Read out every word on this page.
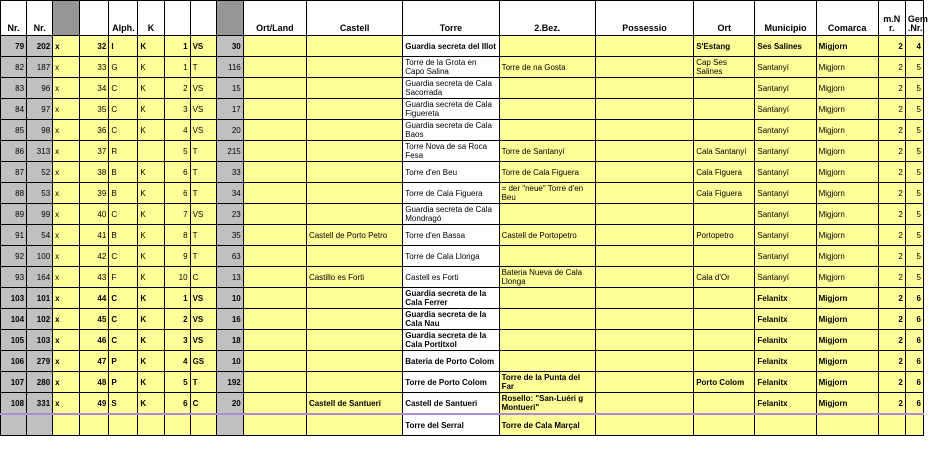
Nr.	Nr.			Alph.	K				Ort/Land	Castell	Torre	2.Bez.	Possessio	Ort	Municipio	Comarca	m.N r.	Gem .Nr.
79	202	x	32	I	K	1	VS	30			Guardia secreta del Illot			S'Estang	Ses Salines	Migjorn	2	4
82	187	x	33	G	K	1	T	116			Torre de la Grota en Capo Salina	Torre de na Gosta		Cap Ses Salines	Santanyí	Migjorn	2	5
83	96	x	34	C	K	2	VS	15			Guardia secreta de Cala Sacorrada				Santanyí	Migjorn	2	5
84	97	x	35	C	K	3	VS	17			Guardia secreta de Cala Figuereta				Santanyí	Migjorn	2	5
85	98	x	36	C	K	4	VS	20			Guardia secreta de Cala Baos				Santanyí	Migjorn	2	5
86	313	x	37	R		5	T	215			Torre Nova de sa Roca Fesa	Torre de Santanyí		Cala Santanyí	Santanyí	Migjorn	2	5
87	52	x	38	B	K	6	T	33			Torre d'en Beu	Torre de Cala Figuera		Cala Figuera	Santanyí	Migjorn	2	5
88	53	x	39	B	K	6	T	34			Torre de Cala Figuera	= der "neue" Torre d'en Beu		Cala Figuera	Santanyí	Migjorn	2	5
89	99	x	40	C	K	7	VS	23			Guardia secreta de Cala Mondragó				Santanyí	Migjorn	2	5
91	54	x	41	B	K	8	T	35		Castell de Porto Petro	Torre d'en Bassa	Castell de Portopetro		Portopetro	Santanyí	Migjorn	2	5
92	100	x	42	C	K	9	T	63			Torre de Cala Llonga				Santanyí	Migjorn	2	5
93	164	x	43	F	K	10	C	13		Castillo es Forti	Castell es Forti	Bateria Nueva de Cala Llonga		Cala d'Or	Santanyí	Migjorn	2	5
103	101	x	44	C	K	1	VS	10			Guardia secreta de la Cala Ferrer				Felanitx	Migjorn	2	6
104	102	x	45	C	K	2	VS	16			Guardia secreta de la Cala Nau				Felanitx	Migjorn	2	6
105	103	x	46	C	K	3	VS	18			Guardia secreta de la Cala Portitxol				Felanitx	Migjorn	2	6
106	279	x	47	P	K	4	GS	10			Bateria de Porto Colom				Felanitx	Migjorn	2	6
107	280	x	48	P	K	5	T	192			Torre de Porto Colom	Torre de la Punta del Far		Porto Colom	Felanitx	Migjorn	2	6
108	331	x	49	S	K	6	C	20		Castell de Santueri	Castell de Santueri	Rosello: "San-Luéri g Montueri"			Felanitx	Migjorn	2	6
											Torre del Serral	Torre de Cala Marçal						
